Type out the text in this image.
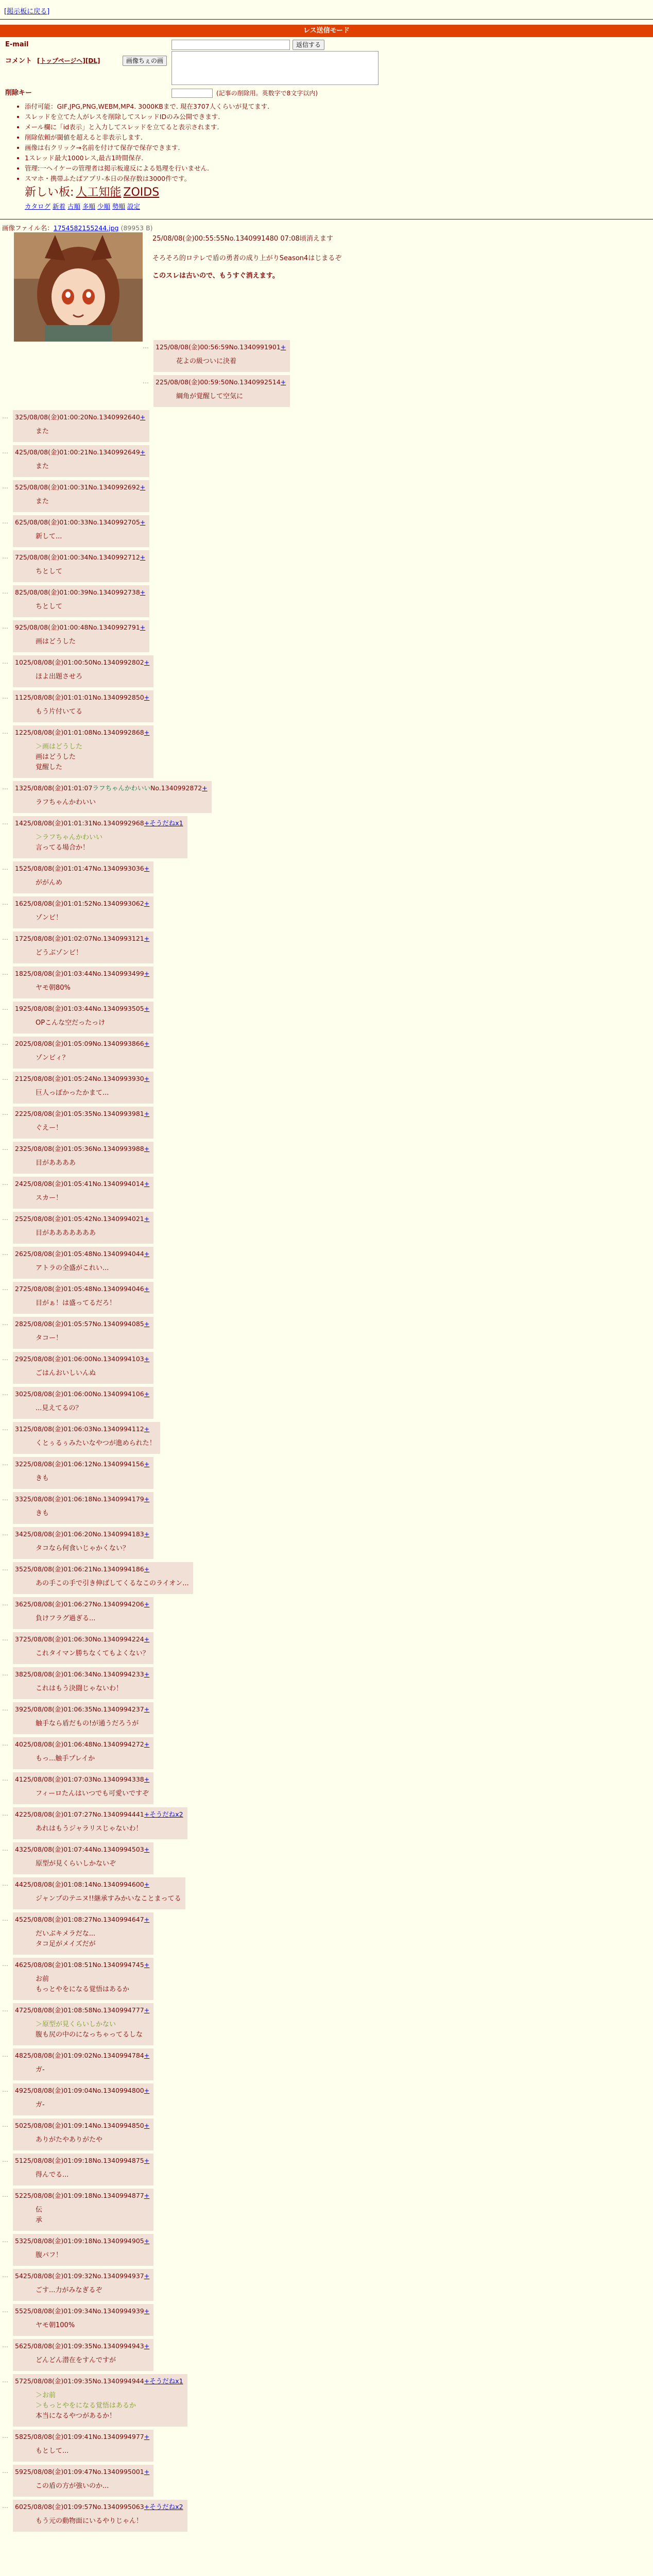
[掲示板に戻る]
レス送信モード
E-mail	返信する
コメント [トップページへ][DL]	画像ちぇの画
削除キー	(記事の削除用。英数字で8文字以内)
• 添付可能：GIF,JPG,PNG,WEBM,MP4. 3000KBまで. 現在3707人くらいが見てます.
• スレッドを立てた人がレスを削除してスレッドIDのみ公開できます.
• メール欄に「id表示」と入力してスレッドを立てると表示されます.
• 削除依頼が閾値を超えると非表示します.
• 画像は右クリック→名前を付けて保存で保存できます.
• 1スレッド最大1000レス,最古1時間保存.
• 管理:一ヘイケーの管理者は掲示板違反による処理を行いません.
• スマホ・携帯ふたばアプリ-本日の保存数は3000件です。
新しい板: 人工知能 ZOIDS
カタログ 新着 古順 多順 少順 勢順 設定
画像ファイル名：1754582155244.jpg (89953 B)
25/08/08(金)00:55:55No.1340991480 07:08頃消えます
そろそろ的ロテレで盾の勇者の成り上がりSeason4はじまるぞ
このスレは古いので、もうすぐ消えます。
… 125/08/08(金)00:56:59No.1340991901+
花よの級ついに決着
… 225/08/08(金)00:59:50No.1340992514+
綱角が覚醒して空気に
… 325/08/08(金)01:00:20No.1340992640+
また
… 425/08/08(金)01:00:21No.1340992649+
また
… 525/08/08(金)01:00:31No.1340992692+
また
… 625/08/08(金)01:00:33No.1340992705+
新して...
… 725/08/08(金)01:00:34No.1340992712+
ちとして
… 825/08/08(金)01:00:39No.1340992738+
ちとして
… 925/08/08(金)01:00:48No.1340992791+
画はどうした
… 1025/08/08(金)01:00:50No.1340992802+
ほよ出題させろ
… 1125/08/08(金)01:01:01No.1340992850+
もう片付いてる
… 1225/08/08(金)01:01:08No.1340992868+
＞画はどうした
画はどうした
覚醒した
… 1325/08/08(金)01:01:07ラフちゃんかわいいNo.1340992872+
ラフちゃんかわいい
… 1425/08/08(金)01:01:31No.1340992968+そうだねx1
＞ラフちゃんかわいい
言ってる場合か！
… 1525/08/08(金)01:01:47No.1340993036+
ががんめ
… 1625/08/08(金)01:01:52No.1340993062+
ゾンビ！
… 1725/08/08(金)01:02:07No.1340993121+
どうぶゾンビ！
… 1825/08/08(金)01:03:44No.1340993499+
ヤモ朝80%
… 1925/08/08(金)01:03:44No.1340993505+
OPこんな空だったっけ
… 2025/08/08(金)01:05:09No.1340993866+
ゾンビィ？
… 2125/08/08(金)01:05:24No.1340993930+
巨人っぽかったかまて...
… 2225/08/08(金)01:05:35No.1340993981+
ぐえー！
… 2325/08/08(金)01:05:36No.1340993988+
目がああああ
… 2425/08/08(金)01:05:41No.1340994014+
スカー！
… 2525/08/08(金)01:05:42No.1340994021+
目があああああああ
… 2625/08/08(金)01:05:48No.1340994044+
アトラの全盛がこれい...
… 2725/08/08(金)01:05:48No.1340994046+
目がぁ！は盛ってるだろ！
… 2825/08/08(金)01:05:57No.1340994085+
タコー！
… 2925/08/08(金)01:06:00No.1340994103+
ごはんおいしいんぬ
… 3025/08/08(金)01:06:00No.1340994106+
...見えてるの？
… 3125/08/08(金)01:06:03No.1340994112+
くとぅるぅみたいなやつが進められた！
… 3225/08/08(金)01:06:12No.1340994156+
きも
… 3325/08/08(金)01:06:18No.1340994179+
きも
… 3425/08/08(金)01:06:20No.1340994183+
タコなら何食いじゃかくない？
… 3525/08/08(金)01:06:21No.1340994186+
あの手この手で引き伸ばしてくるなこのライオン...
… 3625/08/08(金)01:06:27No.1340994206+
負けフラグ過ぎる...
… 3725/08/08(金)01:06:30No.1340994224+
これタイマン勝ちなくてもよくない？
… 3825/08/08(金)01:06:34No.1340994233+
これはもう決闘じゃないわ！
… 3925/08/08(金)01:06:35No.1340994237+
触手なら盾だもの!が通うだろうが
… 4025/08/08(金)01:06:48No.1340994272+
もっ...触手プレイか
… 4125/08/08(金)01:07:03No.1340994338+
フィーロたんはいつでも可愛いですぞ
… 4225/08/08(金)01:07:27No.1340994441+そうだねx2
あれはもうジャラリスじゃないわ！
… 4325/08/08(金)01:07:44No.1340994503+
原型が見くらいしかないぞ
… 4425/08/08(金)01:08:14No.1340994600+
ジャンプのテニヌ!!継承すみかいなことまってる
… 4525/08/08(金)01:08:27No.1340994647+
だいぶキメラだな...
タコ足がメイズだが
… 4625/08/08(金)01:08:51No.1340994745+
お前
もっとやをになる覚悟はあるか
… 4725/08/08(金)01:08:58No.1340994777+
＞原型が見くらいしかない
腹も尻の中のになっちゃってるしな
… 4825/08/08(金)01:09:02No.1340994784+
ガ-
… 4925/08/08(金)01:09:04No.1340994800+
ガ-
… 5025/08/08(金)01:09:14No.1340994850+
ありがたやありがたや
… 5125/08/08(金)01:09:18No.1340994875+
得んでる...
… 5225/08/08(金)01:09:18No.1340994877+
伝
承
… 5325/08/08(金)01:09:18No.1340994905+
腹パフ！
… 5425/08/08(金)01:09:32No.1340994937+
ごす...力がみなぎるぞ
… 5525/08/08(金)01:09:34No.1340994939+
ヤモ朝100%
… 5625/08/08(金)01:09:35No.1340994943+
どんどん潜在をすんですが
… 5725/08/08(金)01:09:35No.1340994944+そうだねx1
＞お前
＞もっとやをになる覚悟はあるか
本当になるやつがあるか！
… 5825/08/08(金)01:09:41No.1340994977+
もとして...
… 5925/08/08(金)01:09:47No.1340995001+
この盾の方が強いのか...
… 6025/08/08(金)01:09:57No.1340995063+そうだねx2
もう元の動物面にいるやりじゃん！
